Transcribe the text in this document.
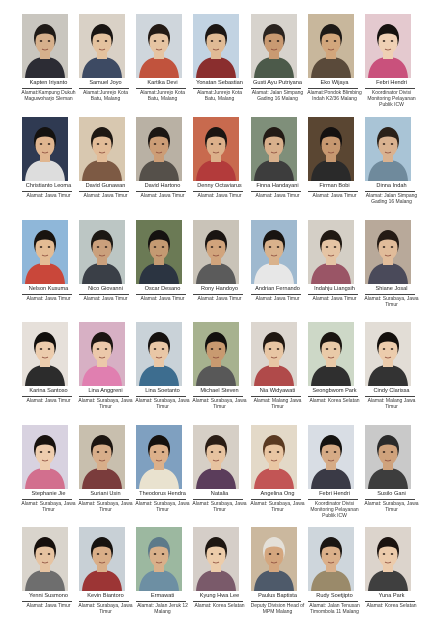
Kapten Iriyanto
Alamat:Kampung Dukuh Maguwoharjo Sleman
Samuel Joyo
Alamat:Junrejo Kota Batu, Malang
Kartika Devi
Alamat:Junrejo Kota Batu, Malang
Yonatan Sebastian
Alamat:Junrejo Kota Batu, Malang
Gusti Ayu Putriyana
Alamat: Jalan Simpang Gading 16 Malang
Eko Wijaya
Alamat:Pondok Blimbing Indah K2/36 Malang
Febri Hendri
Koordinator Divisi Monitoring Pelayanan Publik ICW
Christianto Leoma
Alamat: Jawa Timur
David Gunawan
Alamat: Jawa Timur
David Hartono
Alamat: Jawa Timur
Denny Octaviarus
Alamat: Jawa Timur
Finna Handayani
Alamat: Jawa Timur
Firman Bobi
Alamat: Jawa Timur
Dinna Indah
Alamat: Jalan Simpang Gading 16 Malang
Nelson Kusuma
Alamat: Jawa Timur
Nico Giovanni
Alamat: Jawa Timur
Oscar Desano
Alamat: Jawa Timur
Rony Handoyo
Alamat: Jawa Timur
Andrian Fernando
Alamat: Jawa Timur
Indahju Liangsih
Alamat: Jawa Timur
Shiane Josal
Alamat: Surabaya, Jawa Timur
Karina Santoso
Alamat: Jawa Timur
Lina Anggreni
Alamat: Surabaya, Jawa Timur
Lina Soetanto
Alamat: Surabaya, Jawa Timur
Michael Steven
Alamat: Surabaya, Jawa Timur
Nia Widyawati
Alamat: Malang Jawa Timur
Seongbwom Park
Alamat: Korea Selatan
Cindy Clarissa
Alamat: Malang Jawa Timur
Stephanie Jie
Alamat: Surabaya, Jawa Timur
Suriani Usin
Alamat: Surabaya, Jawa Timur
Theodorus Hendra
Alamat: Surabaya, Jawa Timur
Natalia
Alamat: Surabaya, Jawa Timur
Angelina Ong
Alamat: Surabaya, Jawa Timur
Febri Hendri
Koordinator Divisi Monitoring Pelayanan Publik ICW
Susilo Gani
Alamat: Surabaya, Jawa Timur
Yenni Susmono
Alamat: Jawa Timur
Kevin Biantoro
Alamat: Surabaya, Jawa Timur
Ermawati
Alamat: Jalan Jeruk 12 Malang
Kyung Hwa Lee
Alamat: Korea Selatan
Paulus Baptista
Deputy Division Head of MPM Malang
Rudy Soetjipto
Alamat: Jalan Tenusan Timombola 11 Malang
Yuna Park
Alamat: Korea Selatan
